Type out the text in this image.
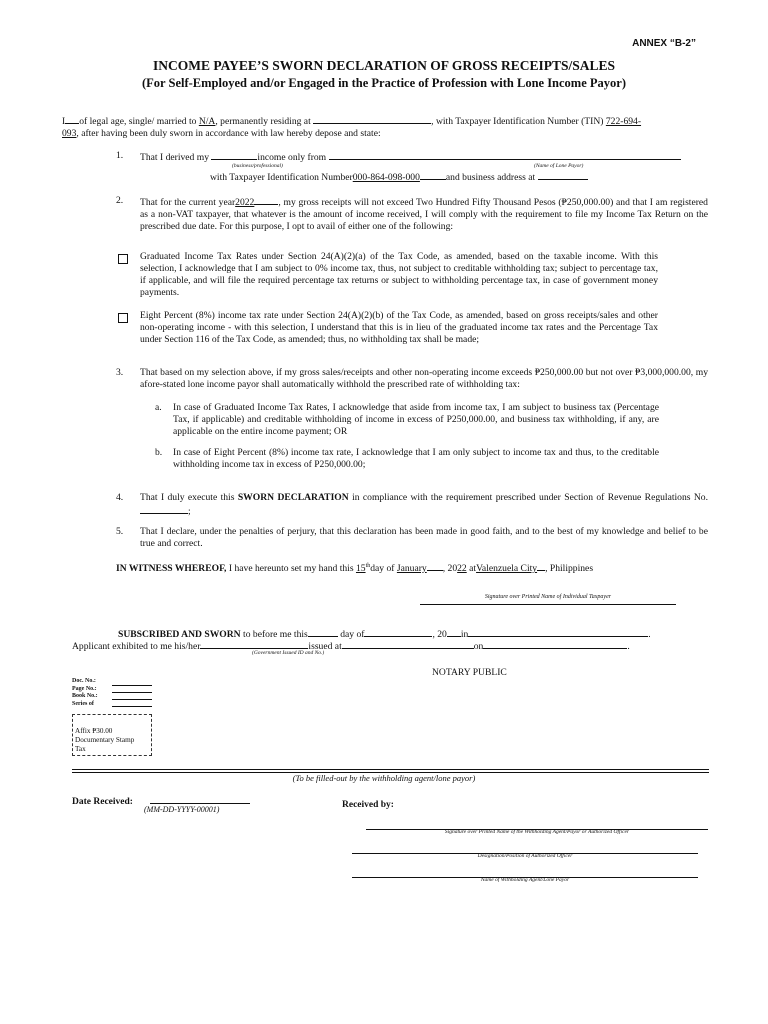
ANNEX “B-2”
INCOME PAYEE’S SWORN DECLARATION OF GROSS RECEIPTS/SALES
(For Self-Employed and/or Engaged in the Practice of Profession with Lone Income Payor)
I of legal age, single/ married to N/A, permanently residing at	, with Taxpayer Identification Number (TIN) 722-694-
093, after having been duly sworn in accordance with law hereby depose and state:
1. That I derived my	income only from
(business/professional)	(Name of Lone Payor)
with Taxpayer Identification Number000-864-098-000	and business address at
2. That for the current year2022	, my gross receipts will not exceed Two Hundred Fifty Thousand Pesos (₱250,000.00) and that I am registered as a non-VAT taxpayer, that whatever is the amount of income received, I will comply with the requirement to file my Income Tax Return on the prescribed due date. For this purpose, I opt to avail of either one of the following:
Graduated Income Tax Rates under Section 24(A)(2)(a) of the Tax Code, as amended, based on the taxable income. With this selection, I acknowledge that I am subject to 0% income tax, thus, not subject to creditable withholding tax; subject to percentage tax, if applicable, and will file the required percentage tax returns or subject to withholding percentage tax, in case of government money payments.
Eight Percent (8%) income tax rate under Section 24(A)(2)(b) of the Tax Code, as amended, based on gross receipts/sales and other non-operating income - with this selection, I understand that this is in lieu of the graduated income tax rates and the Percentage Tax under Section 116 of the Tax Code, as amended; thus, no withholding tax shall be made;
3. That based on my selection above, if my gross sales/receipts and other non-operating income exceeds ₱250,000.00 but not over ₱3,000,000.00, my afore-stated lone income payor shall automatically withhold the prescribed rate of withholding tax:
a. In case of Graduated Income Tax Rates, I acknowledge that aside from income tax, I am subject to business tax (Percentage Tax, if applicable) and creditable withholding of income in excess of P250,000.00, and business tax withholding, if any, are applicable on the entire income payment; OR
b. In case of Eight Percent (8%) income tax rate, I acknowledge that I am only subject to income tax and thus, to the creditable withholding income tax in excess of P250,000.00;
4. That I duly execute this SWORN DECLARATION in compliance with the requirement prescribed under Section of Revenue Regulations No. ;
5. That I declare, under the penalties of perjury, that this declaration has been made in good faith, and to the best of my knowledge and belief to be true and correct.
IN WITNESS WHEREOF, I have hereunto set my hand this 15thday of January , 2022 atValenzuela City , Philippines
Signature over Printed Name of Individual Taxpayer
SUBSCRIBED AND SWORN to before me this	day of	, 20 in	.
Applicant exhibited to me his/her	issued at	on	.
(Government Issued ID and No.)
NOTARY PUBLIC
Doc. No.:
Page No.:
Book No.:
Series of
Affix ₱30.00
Documentary Stamp
Tax
(To be filled-out by the withholding agent/lone payor)
Date Received:
(MM-DD-YYYY-00001)	Received by:
Signature over Printed Name of the Withholding Agent/Payor or Authorized Officer
Designation/Position of Authorized Officer
Name of Withholding Agent/Lone Payor
